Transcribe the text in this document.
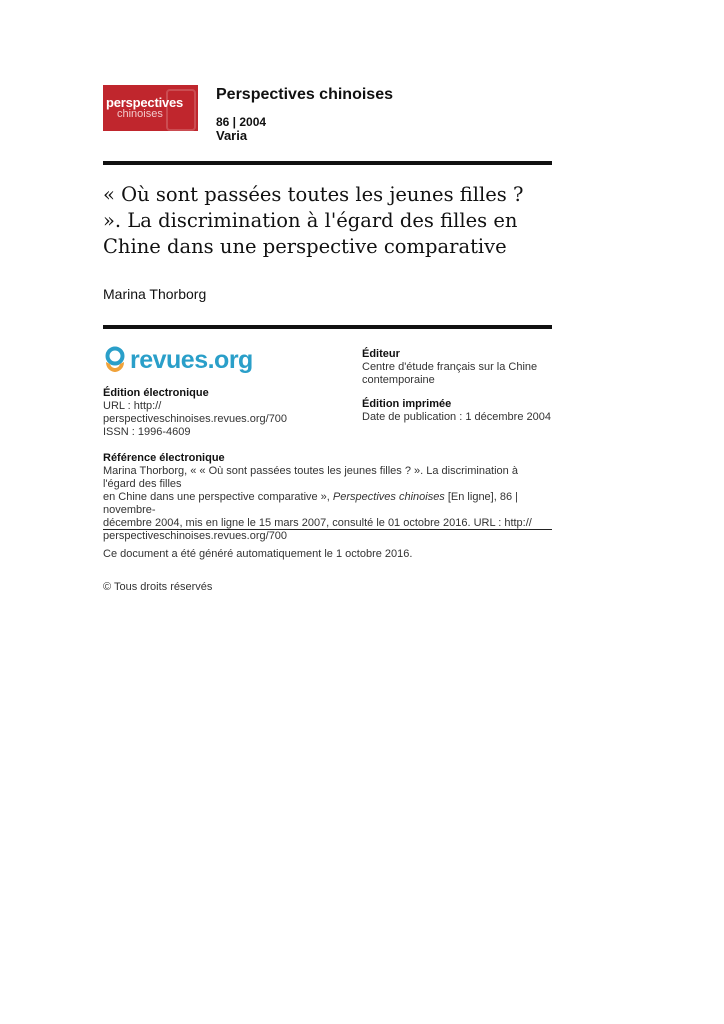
perspectives
chinoises
Perspectives chinoises
86 | 2004
Varia
« Où sont passées toutes les jeunes filles ? ». La discrimination à l'égard des filles en Chine dans une perspective comparative
Marina Thorborg
revues.org
Édition électronique
URL : http://
perspectiveschinoises.revues.org/700
ISSN : 1996-4609
Éditeur
Centre d'étude français sur la Chine
contemporaine
Édition imprimée
Date de publication : 1 décembre 2004
Référence électronique
Marina Thorborg, « « Où sont passées toutes les jeunes filles ? ». La discrimination à l'égard des filles
en Chine dans une perspective comparative », Perspectives chinoises [En ligne], 86 | novembre-
décembre 2004, mis en ligne le 15 mars 2007, consulté le 01 octobre 2016. URL : http://
perspectiveschinoises.revues.org/700
Ce document a été généré automatiquement le 1 octobre 2016.
© Tous droits réservés
